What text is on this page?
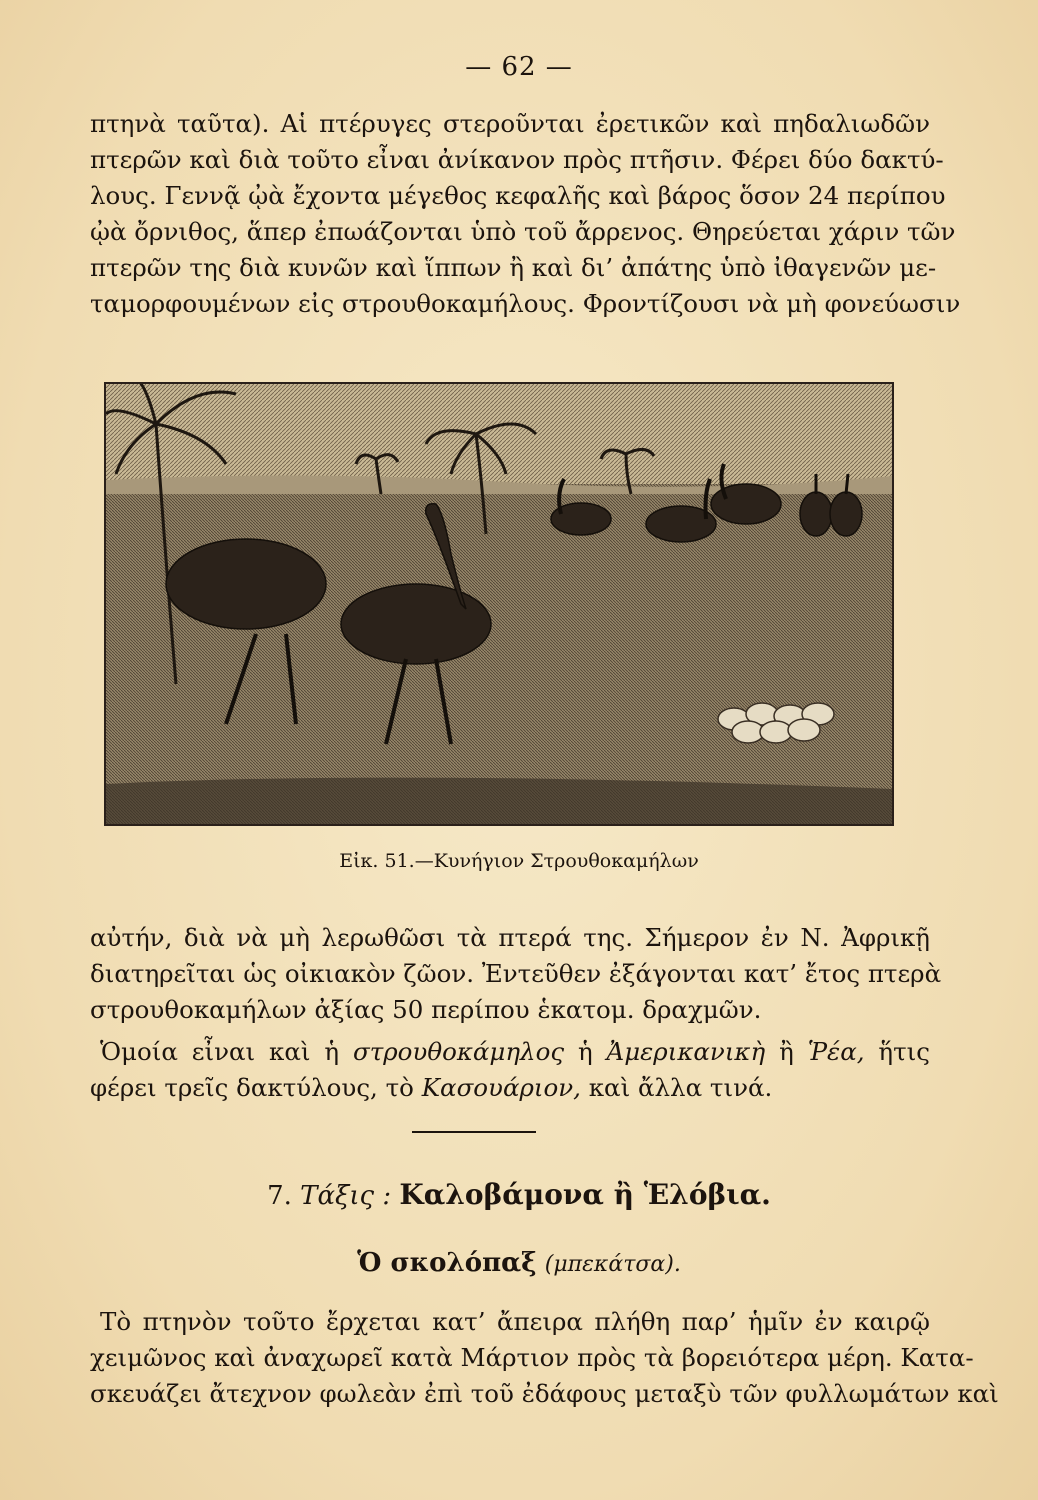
— 62 —

πτηνὰ ταῦτα). Αἱ πτέρυγες στεροῦνται ἐρετικῶν καὶ πηδαλιωδῶν
πτερῶν καὶ διὰ τοῦτο εἶναι ἀνίκανον πρὸς πτῆσιν. Φέρει δύο δακτύ-
λους. Γεννᾷ ᾠὰ ἔχοντα μέγεθος κεφαλῆς καὶ βάρος ὅσον 24 περίπου
ᾠὰ ὄρνιθος, ἅπερ ἐπωάζονται ὑπὸ τοῦ ἄρρενος. Θηρεύεται χάριν τῶν
πτερῶν της διὰ κυνῶν καὶ ἵππων ἢ καὶ δι’ ἀπάτης ὑπὸ ἰθαγενῶν με-
ταμορφουμένων εἰς στρουθοκαμήλους. Φροντίζουσι νὰ μὴ φονεύωσιν

Εἰκ. 51.—Κυνήγιον Στρουθοκαμήλων

αὐτήν, διὰ νὰ μὴ λερωθῶσι τὰ πτερά της. Σήμερον ἐν Ν. Ἀφρικῇ
διατηρεῖται ὡς οἰκιακὸν ζῶον. Ἐντεῦθεν ἐξάγονται κατ’ ἔτος πτερὰ
στρουθοκαμήλων ἀξίας 50 περίπου ἑκατομ. δραχμῶν.

Ὁμοία εἶναι καὶ ἡ στρουθοκάμηλος ἡ Ἀμερικανικὴ ἢ Ῥέα, ἥτις
φέρει τρεῖς δακτύλους, τὸ Κασουάριον, καὶ ἄλλα τινά.

7. Τάξις : Καλοβάμονα ἢ Ἑλόβια.
Ὁ σκολόπαξ (μπεκάτσα).

Τὸ πτηνὸν τοῦτο ἔρχεται κατ’ ἄπειρα πλήθη παρ’ ἡμῖν ἐν καιρῷ
χειμῶνος καὶ ἀναχωρεῖ κατὰ Μάρτιον πρὸς τὰ βορειότερα μέρη. Κατα-
σκευάζει ἄτεχνον φωλεὰν ἐπὶ τοῦ ἐδάφους μεταξὺ τῶν φυλλωμάτων καὶ
